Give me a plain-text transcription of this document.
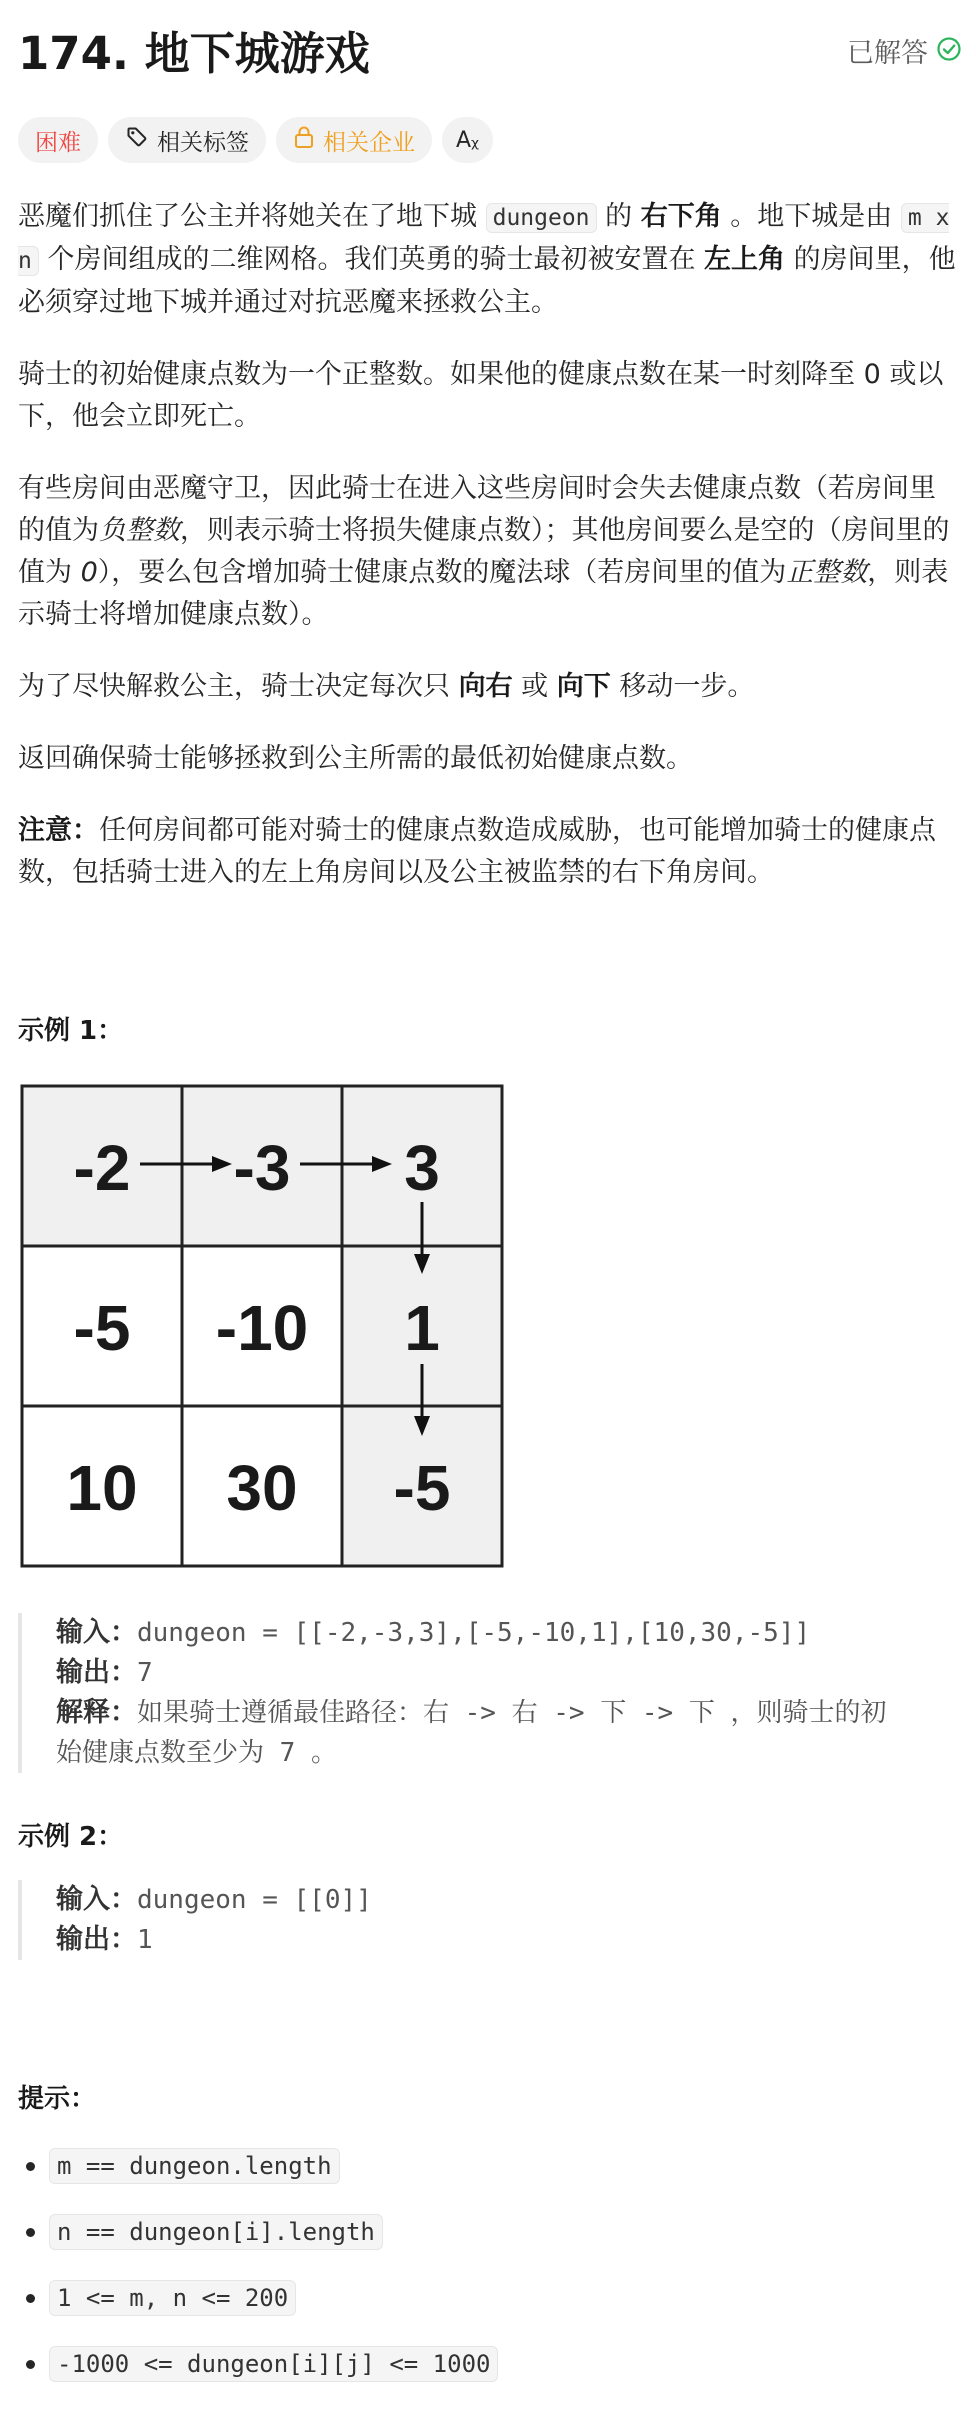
174. 地下城游戏	已解答
困难	相关标签	相关企业 Aᵪ

恶魔们抓住了公主并将她关在了地下城 dungeon 的 右下角 。地下城是由 m x n 个房间组成的二维网格。我们英勇的骑士最初被安置在 左上角 的房间里，他必须穿过地下城并通过对抗恶魔来拯救公主。

骑士的初始健康点数为一个正整数。如果他的健康点数在某一时刻降至 0 或以下，他会立即死亡。

有些房间由恶魔守卫，因此骑士在进入这些房间时会失去健康点数（若房间里的值为负整数，则表示骑士将损失健康点数）；其他房间要么是空的（房间里的值为 0），要么包含增加骑士健康点数的魔法球（若房间里的值为正整数，则表示骑士将增加健康点数）。

为了尽快解救公主，骑士决定每次只 向右 或 向下 移动一步。

返回确保骑士能够拯救到公主所需的最低初始健康点数。

注意：任何房间都可能对骑士的健康点数造成威胁，也可能增加骑士的健康点数，包括骑士进入的左上角房间以及公主被监禁的右下角房间。

示例 1：
-2 -3 3
-5 -10 1
10 30 -5
输入：dungeon = [[-2,-3,3],[-5,-10,1],[10,30,-5]]
输出：7
解释：如果骑士遵循最佳路径：右 -> 右 -> 下 -> 下 ，则骑士的初
始健康点数至少为 7 。
示例 2：
输入：dungeon = [[0]]
输出：1
提示：
m == dungeon.length
n == dungeon[i].length
1 <= m, n <= 200
-1000 <= dungeon[i][j] <= 1000
